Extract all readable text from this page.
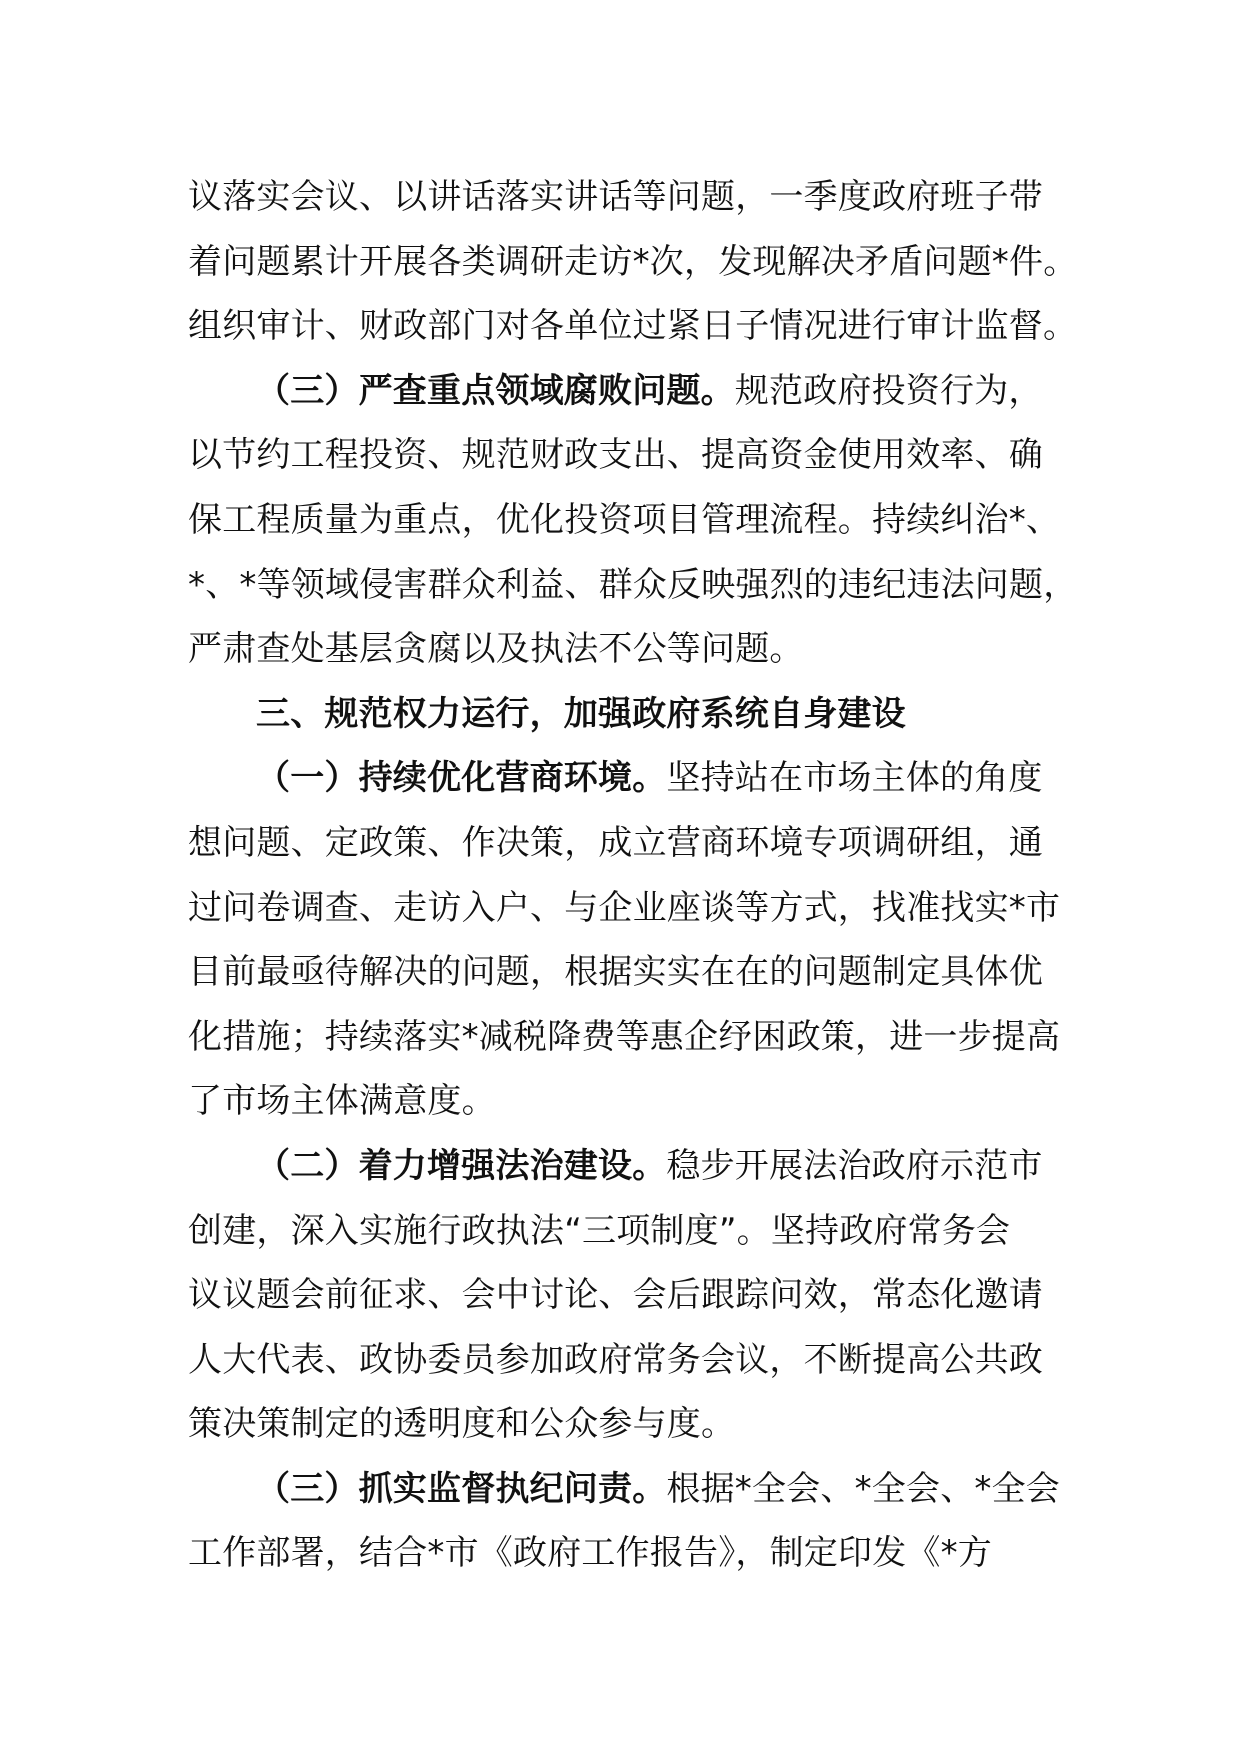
议落实会议、以讲话落实讲话等问题，一季度政府班子带
着问题累计开展各类调研走访*次，发现解决矛盾问题*件。
组织审计、财政部门对各单位过紧日子情况进行审计监督。
（三）严查重点领域腐败问题。规范政府投资行为，
以节约工程投资、规范财政支出、提高资金使用效率、确
保工程质量为重点，优化投资项目管理流程。持续纠治*、
*、*等领域侵害群众利益、群众反映强烈的违纪违法问题，
严肃查处基层贪腐以及执法不公等问题。
三、规范权力运行，加强政府系统自身建设
（一）持续优化营商环境。坚持站在市场主体的角度
想问题、定政策、作决策，成立营商环境专项调研组，通
过问卷调查、走访入户、与企业座谈等方式，找准找实*市
目前最亟待解决的问题，根据实实在在的问题制定具体优
化措施；持续落实*减税降费等惠企纾困政策，进一步提高
了市场主体满意度。
（二）着力增强法治建设。稳步开展法治政府示范市
创建，深入实施行政执法“三项制度”。坚持政府常务会
议议题会前征求、会中讨论、会后跟踪问效，常态化邀请
人大代表、政协委员参加政府常务会议，不断提高公共政
策决策制定的透明度和公众参与度。
（三）抓实监督执纪问责。根据*全会、*全会、*全会
工作部署，结合*市《政府工作报告》，制定印发《*方
